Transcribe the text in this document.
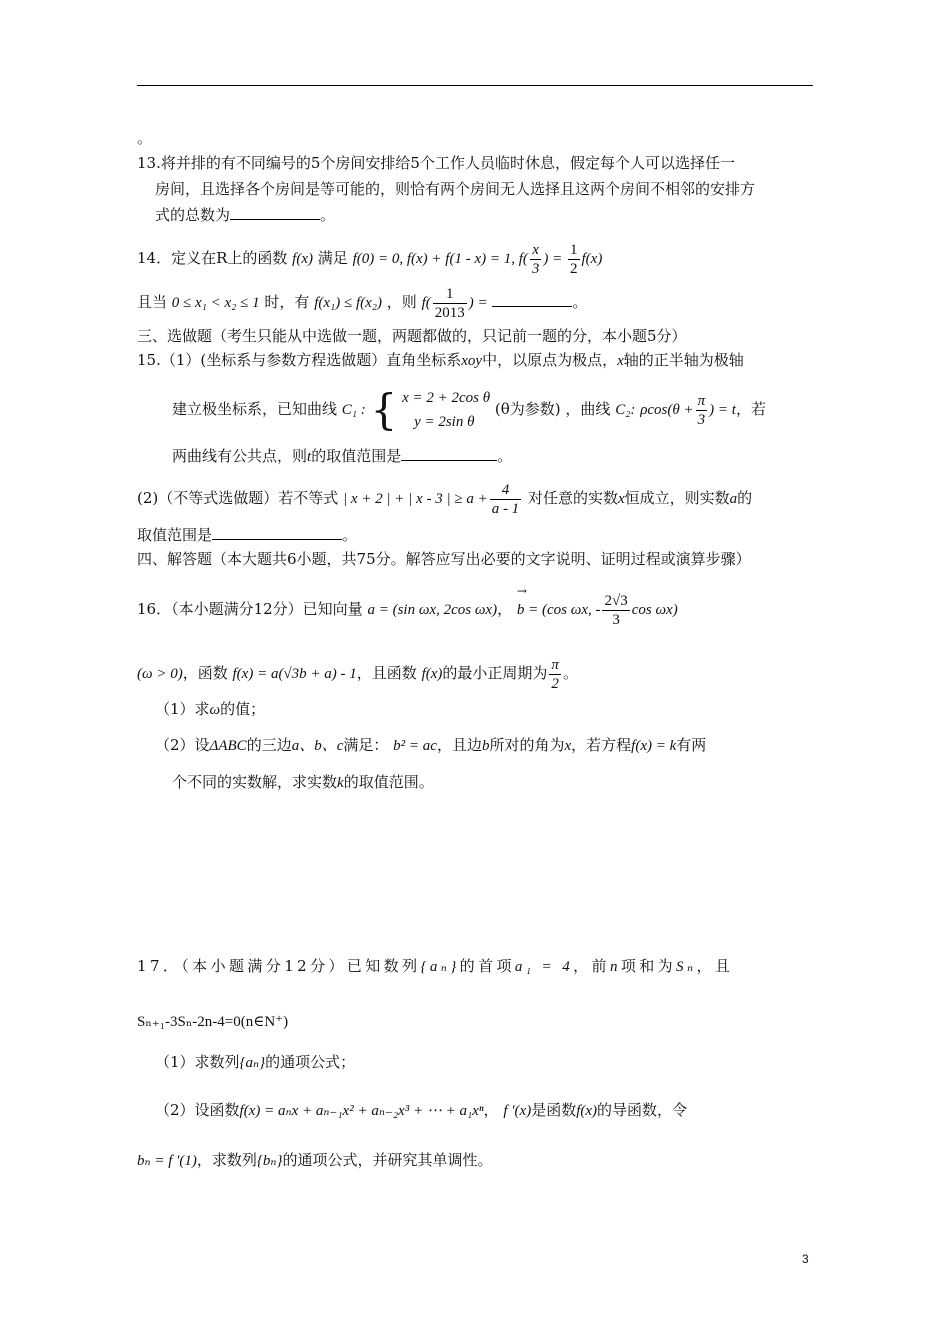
。
13.将并排的有不同编号的5个房间安排给5个工作人员临时休息，假定每个人可以选择任一
房间，且选择各个房间是等可能的，则恰有两个房间无人选择且这两个房间不相邻的安排方
式的总数为	。
14．定义在R上的函数 f(x) 满足 f(0) = 0, f(x) + f(1 - x) = 1, $f( \frac{x}{3}$ ) = $\frac{1}{2} f(x)$
且当 0 ≤ x₁ < x₂ ≤ 1 时，有 f(x₁) ≤ f(x₂) ，则 $f( \frac{1}{2013}$ ) =	。
三、选做题（考生只能从中选做一题，两题都做的，只记前一题的分，本小题5分）
15.（1）(坐标系与参数方程选做题）直角坐标系xoy中，以原点为极点，x轴的正半轴为极轴
建立极坐标系，已知曲线 C₁ : { x = 2 + 2cos θ
y = 2sin θ
(θ为参数) ，曲线 C₂: $\rho\cos(\theta + \frac{\pi}{3}$ ) = t，若
两曲线有公共点，则t的取值范围是	。
(2)（不等式选做题）若不等式 | x + 2 | + | x - 3 | ≥ $a + \frac{4}{a - 1}$ 对任意的实数x恒成立，则实数a的
取值范围是	。
四、解答题（本大题共6小题，共75分。解答应写出必要的文字说明、证明过程或演算步骤）
16．（本小题满分12分）已知向量 a = (sin ωx, 2cos ωx)，
→
b = (cos ωx, - $\frac{2√3}{3}$ cos ωx)
(ω > 0)，函数 f(x) = a(√3b + a) - 1，且函数 f(x)的最小正周期为 $\frac{\pi}{2}$ 。
（1）求ω的值；
（2）设ΔABC的三边a、b、c满足： b² = ac，且边b所对的角为x，若方程f(x) = k有两
个不同的实数解，求实数k的取值范围。
17．（本小题满分12分）已知数列{aₙ}的首项a₁ = 4，前n项和为Sₙ，且
Sₙ₊₁-3Sₙ-2n-4=0(n∈N⁺)
（1）求数列{aₙ}的通项公式；
（2）设函数f(x) = aₙx + aₙ₋₁x² + aₙ₋₂x³ + ⋯ + a₁xⁿ， f ′(x)是函数f(x)的导函数，令
bₙ = f ′(1)，求数列{bₙ}的通项公式，并研究其单调性。
3
